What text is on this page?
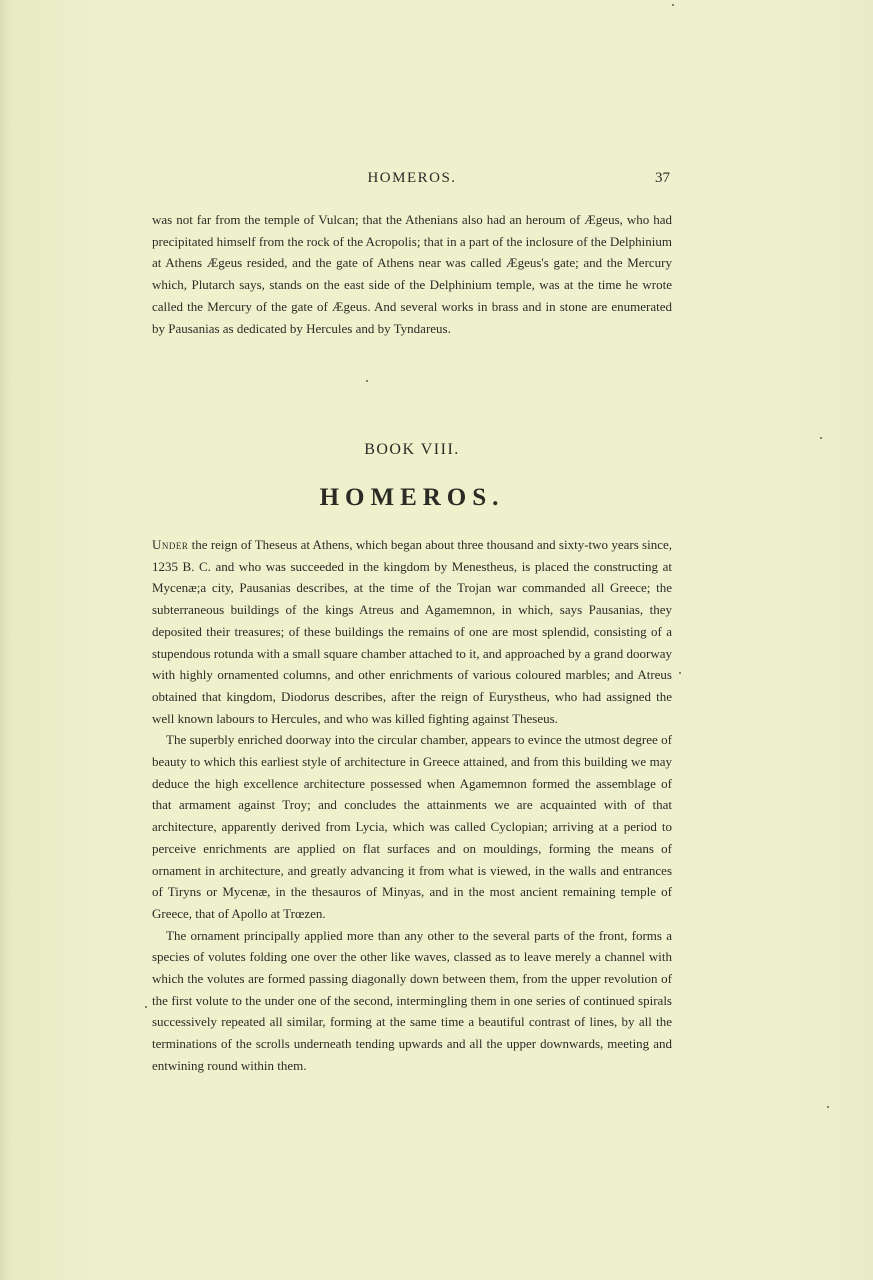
HOMEROS.	37

was not far from the temple of Vulcan; that the Athenians also had an heroum of Ægeus, who had precipitated himself from the rock of the Acropolis; that in a part of the inclosure of the Delphinium at Athens Ægeus resided, and the gate of Athens near was called Ægeus's gate; and the Mercury which, Plutarch says, stands on the east side of the Delphinium temple, was at the time he wrote called the Mercury of the gate of Ægeus. And several works in brass and in stone are enumerated by Pausanias as dedicated by Hercules and by Tyndareus.

BOOK VIII.
HOMEROS.

Under the reign of Theseus at Athens, which began about three thousand and sixty-two years since, 1235 B. C. and who was succeeded in the kingdom by Menestheus, is placed the constructing at Mycenæ;a city, Pausanias describes, at the time of the Trojan war commanded all Greece; the subterraneous buildings of the kings Atreus and Agamemnon, in which, says Pausanias, they deposited their treasures; of these buildings the remains of one are most splendid, consisting of a stupendous rotunda with a small square chamber attached to it, and approached by a grand doorway with highly ornamented columns, and other enrichments of various coloured marbles; and Atreus obtained that kingdom, Diodorus describes, after the reign of Eurystheus, who had assigned the well known labours to Hercules, and who was killed fighting against Theseus.

The superbly enriched doorway into the circular chamber, appears to evince the utmost degree of beauty to which this earliest style of architecture in Greece attained, and from this building we may deduce the high excellence architecture possessed when Agamemnon formed the assemblage of that armament against Troy; and concludes the attainments we are acquainted with of that architecture, apparently derived from Lycia, which was called Cyclopian; arriving at a period to perceive enrichments are applied on flat surfaces and on mouldings, forming the means of ornament in architecture, and greatly advancing it from what is viewed, in the walls and entrances of Tiryns or Mycenæ, in the thesauros of Minyas, and in the most ancient remaining temple of Greece, that of Apollo at Trœzen.

The ornament principally applied more than any other to the several parts of the front, forms a species of volutes folding one over the other like waves, classed as to leave merely a channel with which the volutes are formed passing diagonally down between them, from the upper revolution of the first volute to the under one of the second, intermingling them in one series of continued spirals successively repeated all similar, forming at the same time a beautiful contrast of lines, by all the terminations of the scrolls underneath tending upwards and all the upper downwards, meeting and entwining round within them.
